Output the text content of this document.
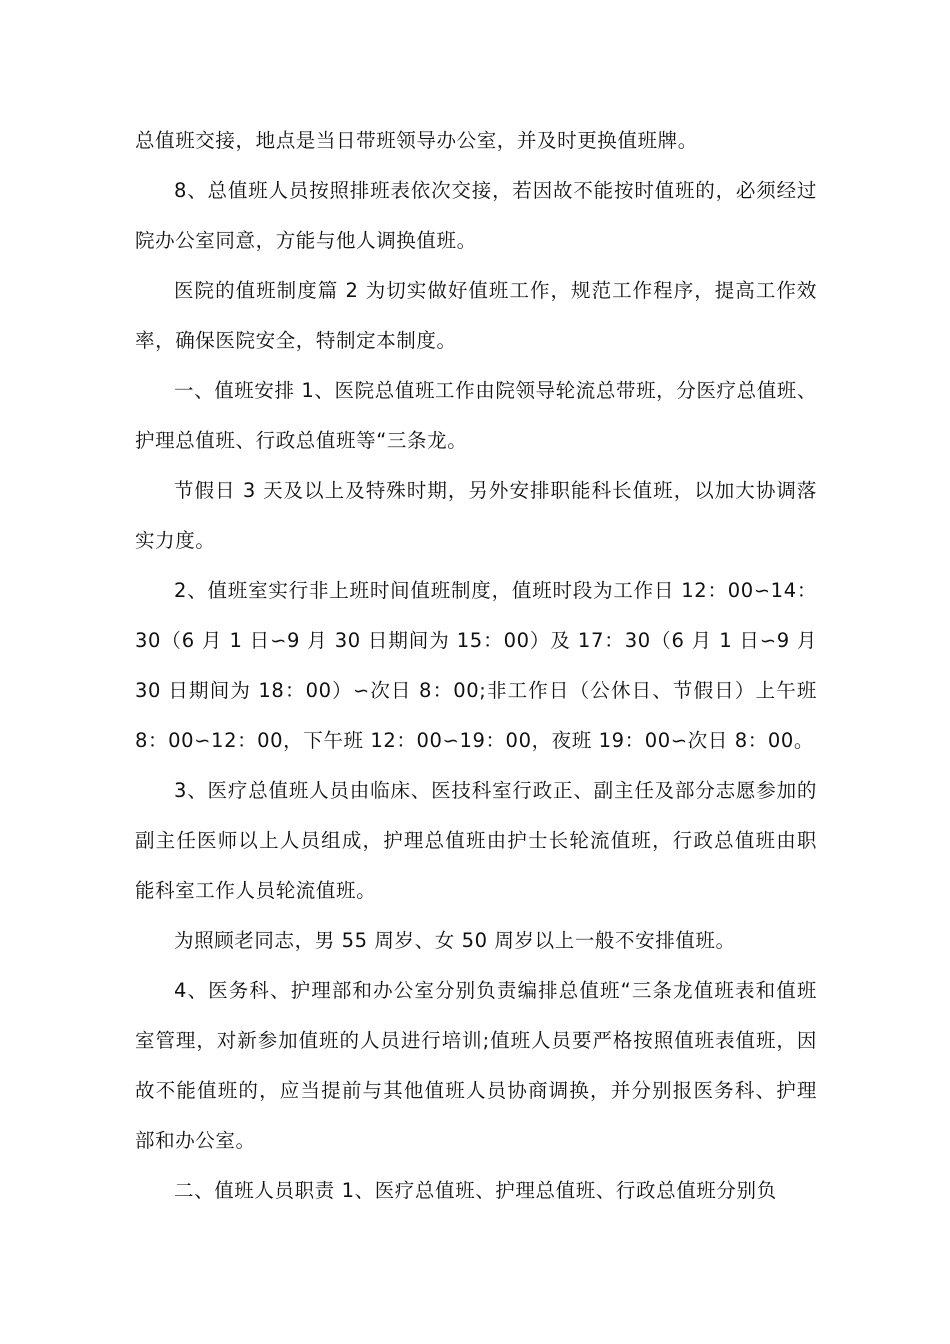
总值班交接，地点是当日带班领导办公室，并及时更换值班牌。

8、总值班人员按照排班表依次交接，若因故不能按时值班的，必须经过院办公室同意，方能与他人调换值班。

医院的值班制度篇 2 为切实做好值班工作，规范工作程序，提高工作效率，确保医院安全，特制定本制度。

一、值班安排 1、医院总值班工作由院领导轮流总带班，分医疗总值班、护理总值班、行政总值班等“三条龙。

节假日 3 天及以上及特殊时期，另外安排职能科长值班，以加大协调落实力度。

2、值班室实行非上班时间值班制度，值班时段为工作日 12：00∽14：30（6 月 1 日∽9 月 30 日期间为 15：00）及 17：30（6 月 1 日∽9 月 30 日期间为 18：00）∽次日 8：00;非工作日（公休日、节假日）上午班 8：00∽12：00，下午班 12：00∽19：00，夜班 19：00∽次日 8：00。

3、医疗总值班人员由临床、医技科室行政正、副主任及部分志愿参加的副主任医师以上人员组成，护理总值班由护士长轮流值班，行政总值班由职能科室工作人员轮流值班。

为照顾老同志，男 55 周岁、女 50 周岁以上一般不安排值班。

4、医务科、护理部和办公室分别负责编排总值班“三条龙值班表和值班室管理，对新参加值班的人员进行培训;值班人员要严格按照值班表值班，因故不能值班的，应当提前与其他值班人员协商调换，并分别报医务科、护理部和办公室。

二、值班人员职责 1、医疗总值班、护理总值班、行政总值班分别负
